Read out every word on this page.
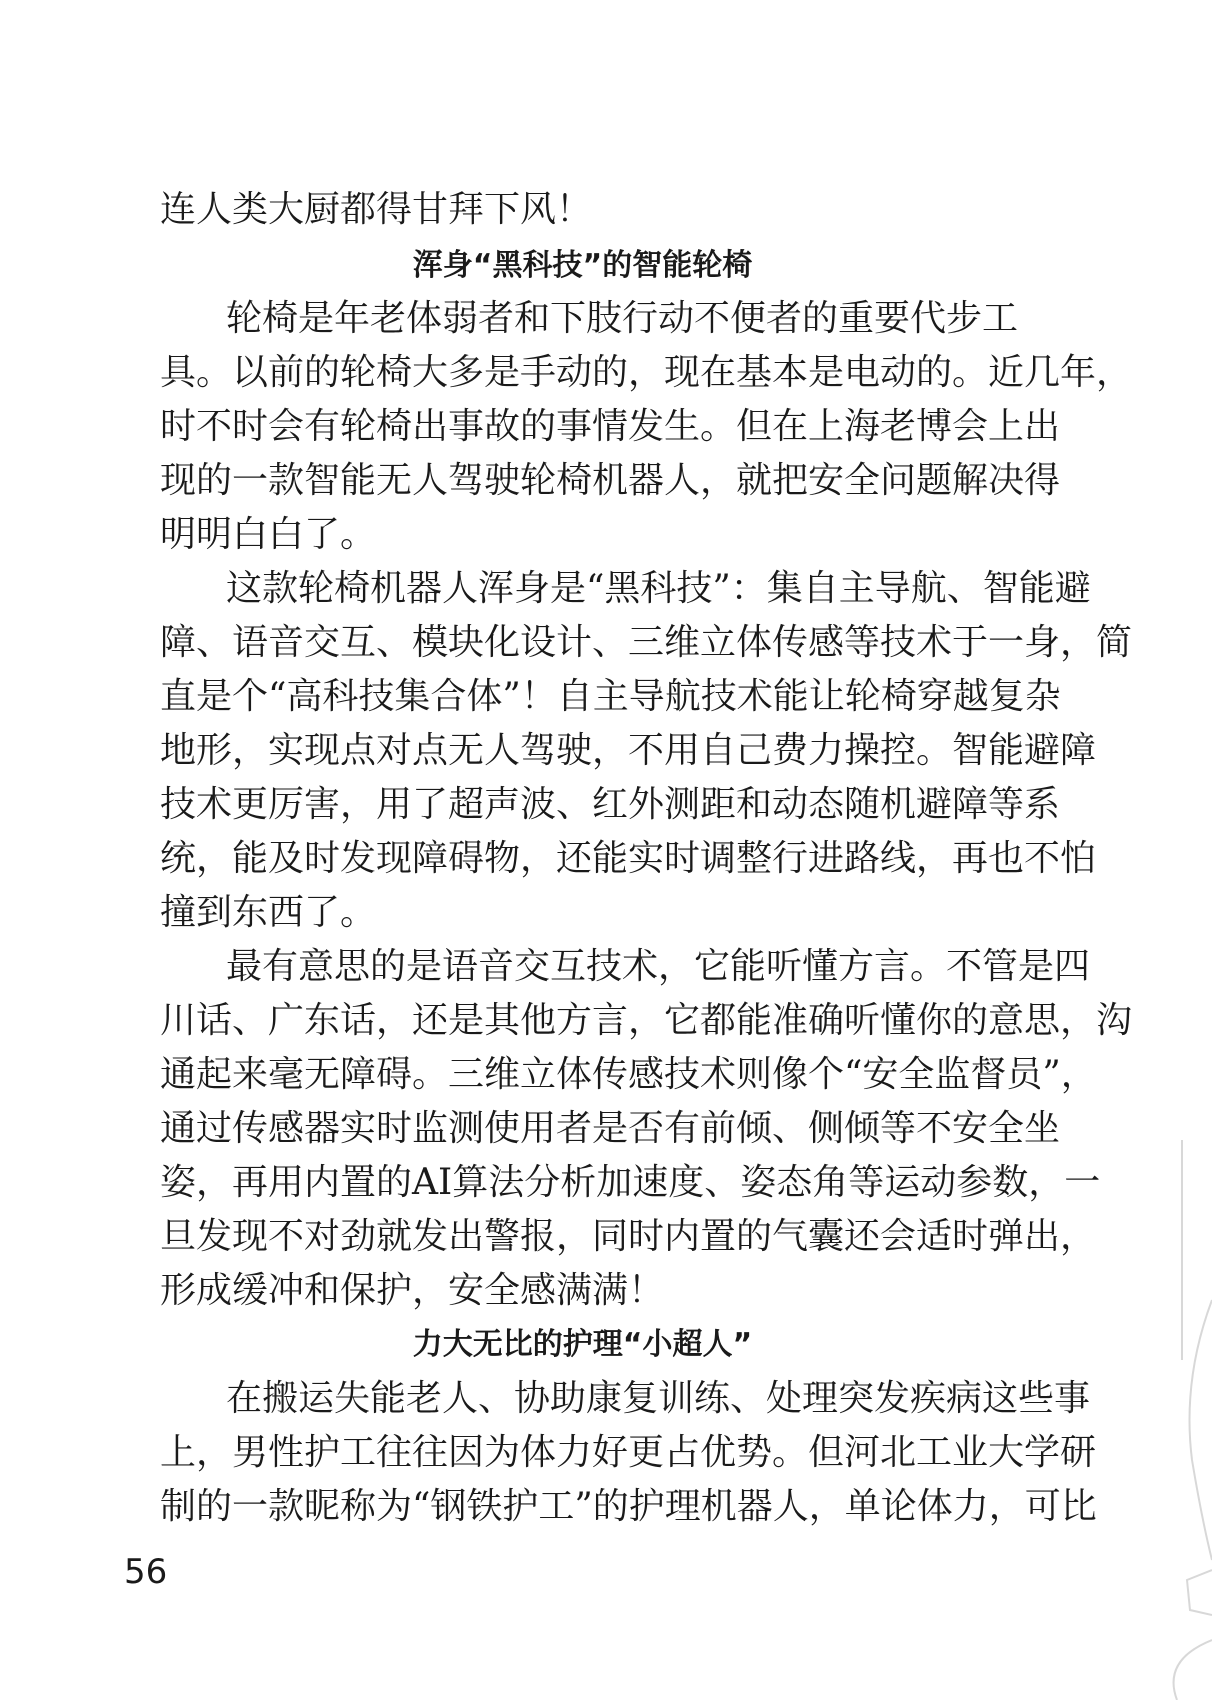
连人类大厨都得甘拜下风！
浑身“黑科技”的智能轮椅
轮椅是年老体弱者和下肢行动不便者的重要代步工
具。以前的轮椅大多是手动的，现在基本是电动的。近几年，
时不时会有轮椅出事故的事情发生。但在上海老博会上出
现的一款智能无人驾驶轮椅机器人，就把安全问题解决得
明明白白了。
这款轮椅机器人浑身是“黑科技”：集自主导航、智能避
障、语音交互、模块化设计、三维立体传感等技术于一身，简
直是个“高科技集合体”！自主导航技术能让轮椅穿越复杂
地形，实现点对点无人驾驶，不用自己费力操控。智能避障
技术更厉害，用了超声波、红外测距和动态随机避障等系
统，能及时发现障碍物，还能实时调整行进路线，再也不怕
撞到东西了。
最有意思的是语音交互技术，它能听懂方言。不管是四
川话、广东话，还是其他方言，它都能准确听懂你的意思，沟
通起来毫无障碍。三维立体传感技术则像个“安全监督员”，
通过传感器实时监测使用者是否有前倾、侧倾等不安全坐
姿，再用内置的AI算法分析加速度、姿态角等运动参数，一
旦发现不对劲就发出警报，同时内置的气囊还会适时弹出，
形成缓冲和保护，安全感满满！
力大无比的护理“小超人”
在搬运失能老人、协助康复训练、处理突发疾病这些事
上，男性护工往往因为体力好更占优势。但河北工业大学研
制的一款昵称为“钢铁护工”的护理机器人，单论体力，可比
56
